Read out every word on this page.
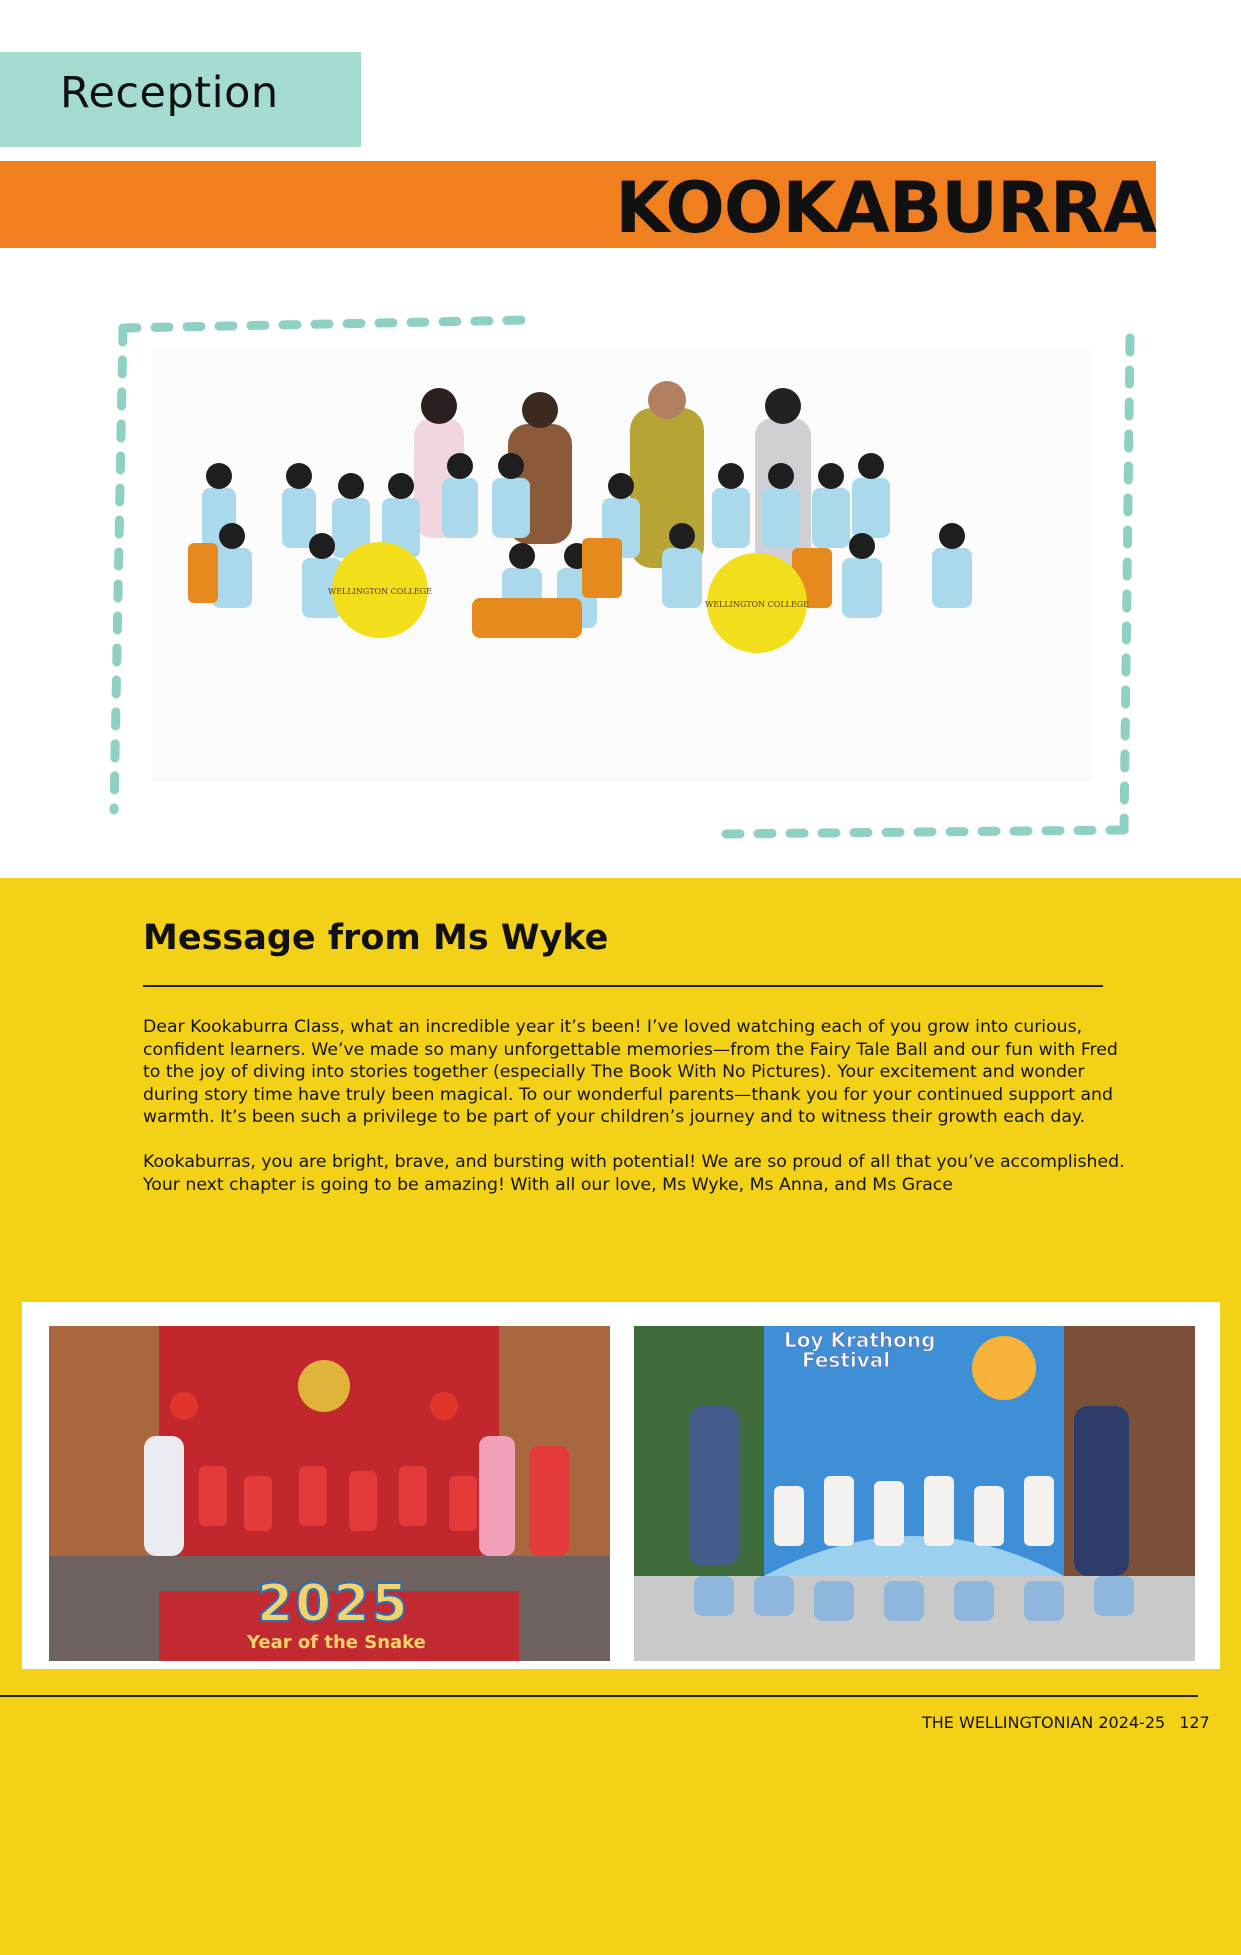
Reception
KOOKABURRA
WELLINGTON COLLEGE
WELLINGTON COLLEGE
Message from Ms Wyke

Dear Kookaburra Class, what an incredible year it’s been! I’ve loved watching each of you grow into curious, confident learners. We’ve made so many unforgettable memories—from the Fairy Tale Ball and our fun with Fred to the joy of diving into stories together (especially The Book With No Pictures). Your excitement and wonder during story time have truly been magical. To our wonderful parents—thank you for your continued support and warmth. It’s been such a privilege to be part of your children’s journey and to witness their growth each day.

Kookaburras, you are bright, brave, and bursting with potential! We are so proud of all that you’ve accomplished. Your next chapter is going to be amazing! With all our love, Ms Wyke, Ms Anna, and Ms Grace

2025
Year of the Snake
Loy Krathong
Festival
THE WELLINGTONIAN 2024-25 127
